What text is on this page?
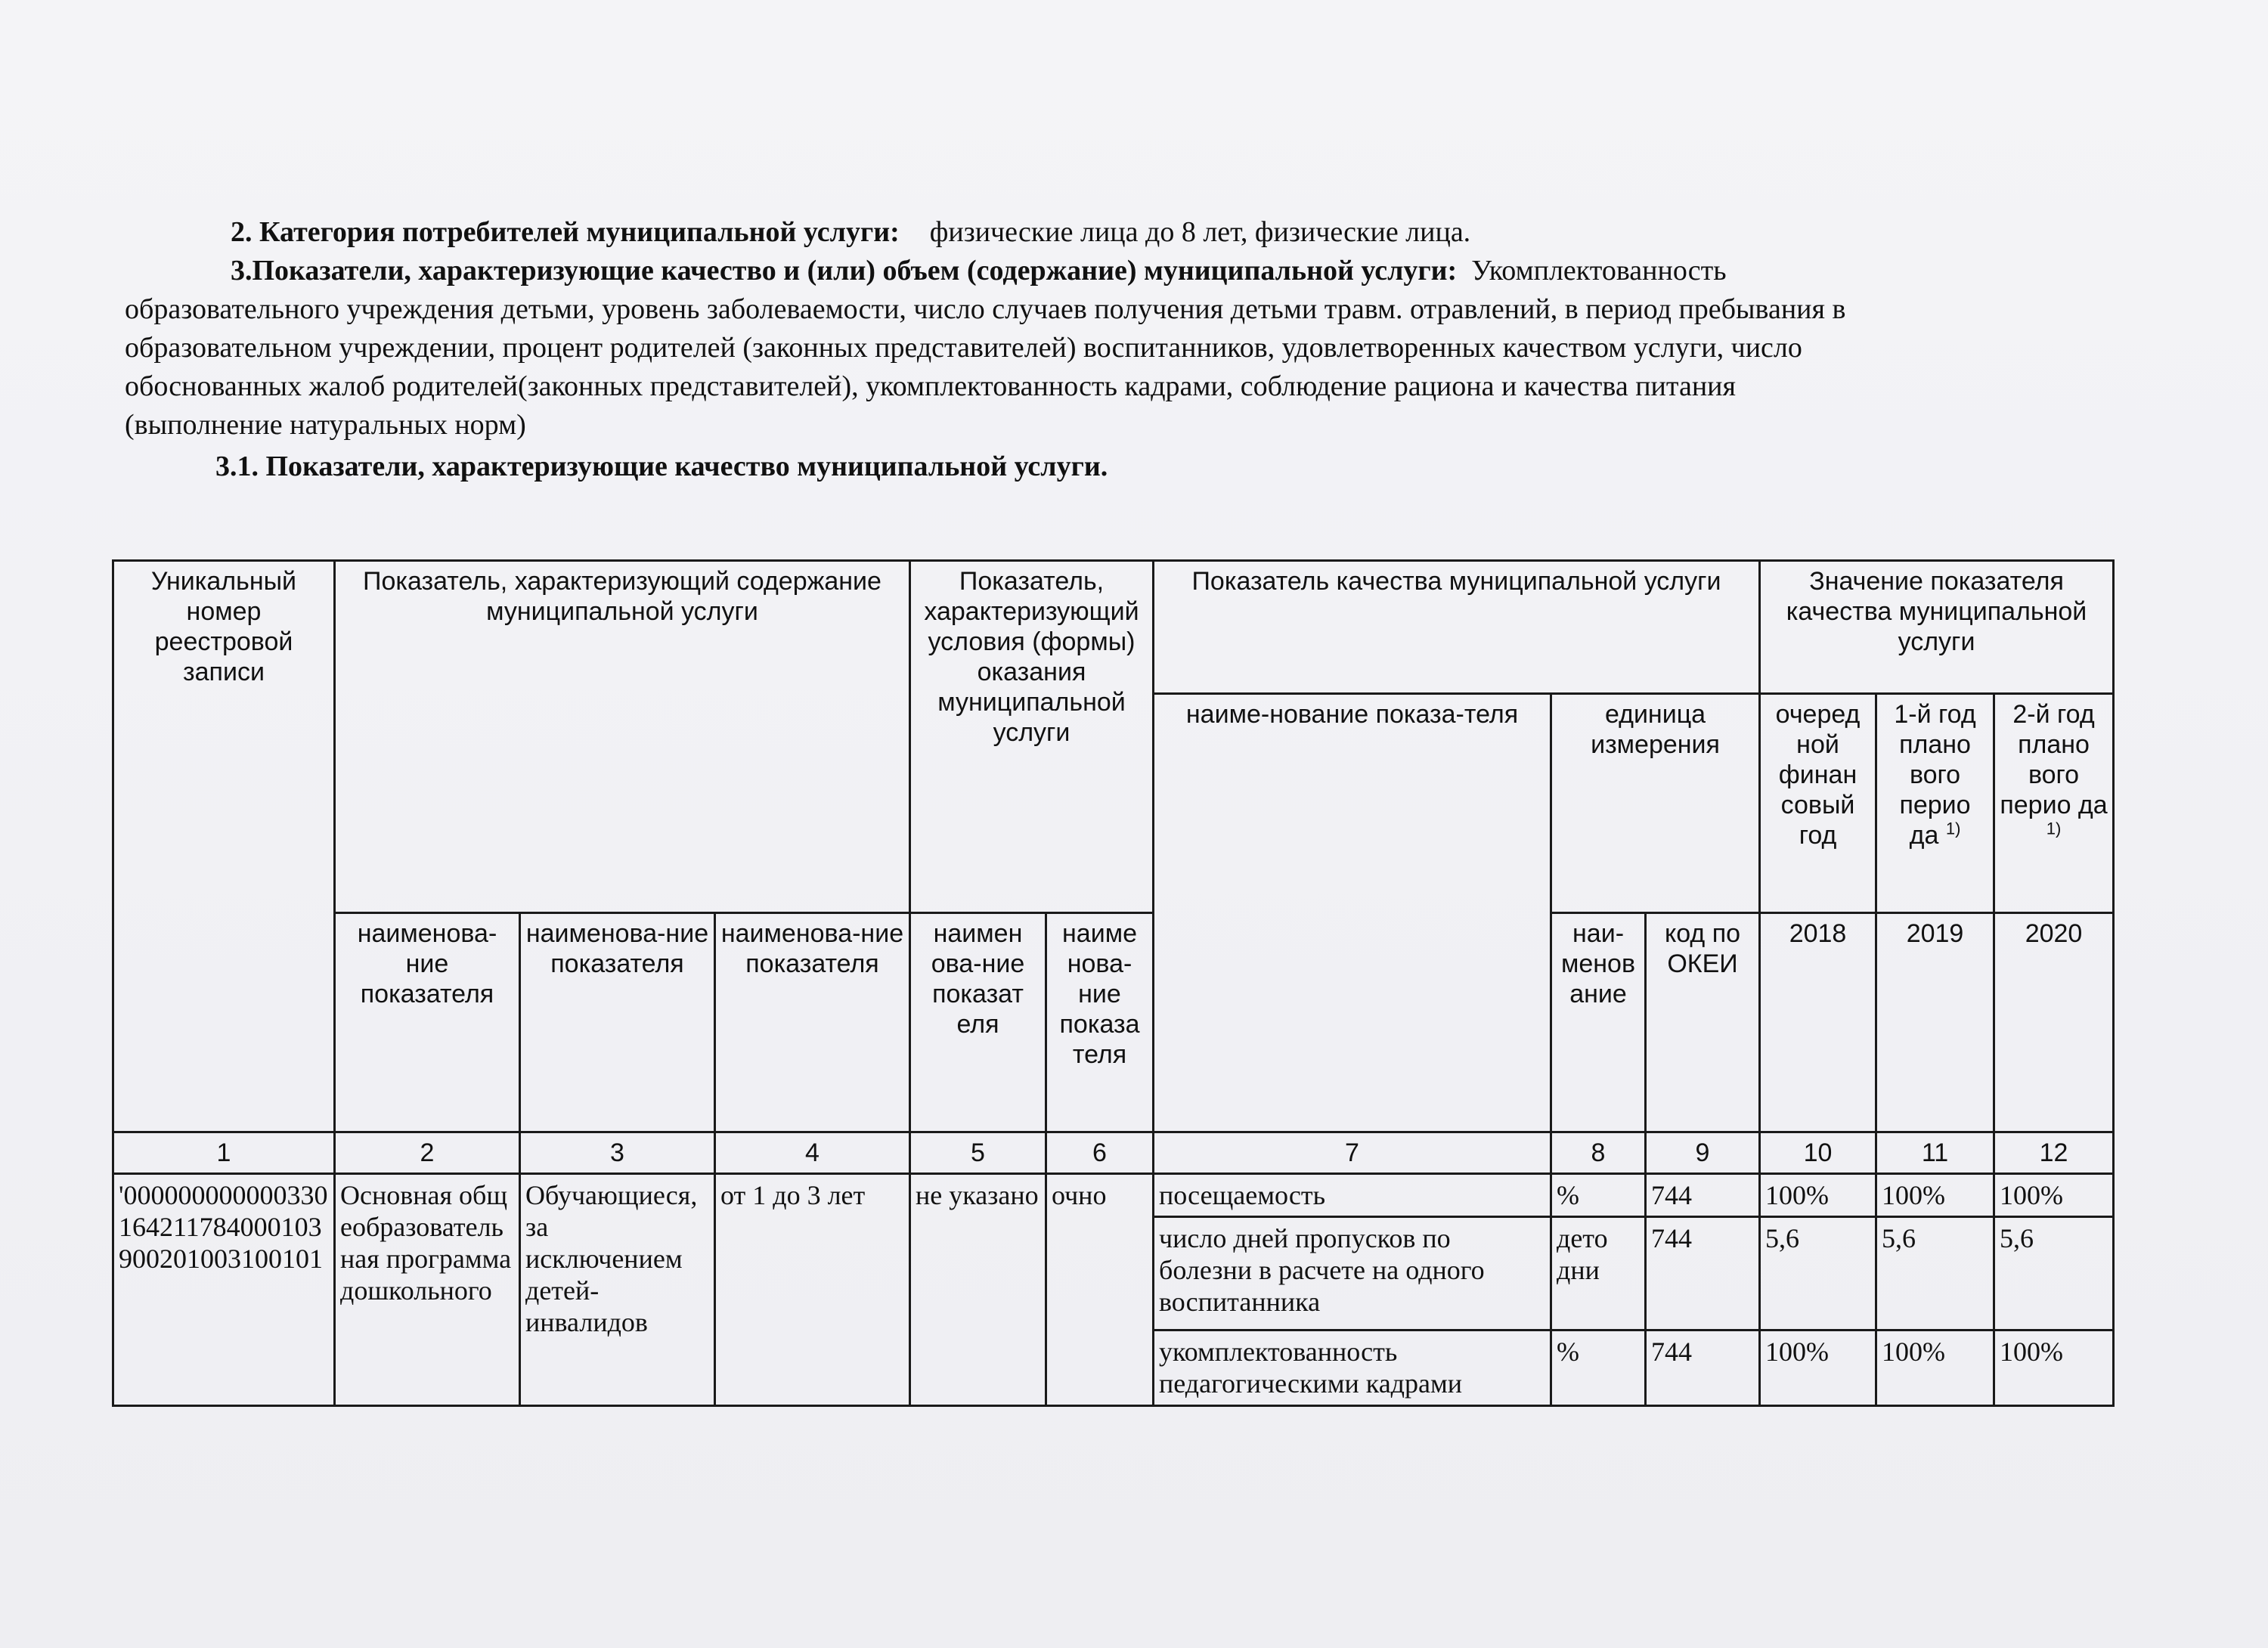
2. Категория потребителей муниципальной услуги: физические лица до 8 лет, физические лица.
3.Показатели, характеризующие качество и (или) объем (содержание) муниципальной услуги: Укомплектованность
образовательного учреждения детьми, уровень заболеваемости, число случаев получения детьми травм. отравлений, в период пребывания в
образовательном учреждении, процент родителей (законных представителей) воспитанников, удовлетворенных качеством услуги, число
обоснованных жалоб родителей(законных представителей), укомплектованность кадрами, соблюдение рациона и качества питания
(выполнение натуральных норм)
3.1. Показатели, характеризующие качество муниципальной услуги.
Уникальный номер реестровой записи	Показатель, характеризующий содержание муниципальной услуги			Показатель, характеризующий условия (формы) оказания муниципальной услуги		Показатель качества муниципальной услуги			Значение показателя качества муниципальной услуги		
						наиме-нование показа-теля	единица измерения		очеред ной финан совый год	1-й год плано вого перио да $^{1)}$	2-й год плано вого перио да $^{1)}$
	наименова-ние показателя	наименова-ние показателя	наименова-ние показателя	наимен ова-ние показат еля	наиме нова-ние показа теля		наи-менов ание	код по ОКЕИ	2018	2019	2020
1	2	3	4	5	6	7	8	9	10	11	12
'000000000000330164211784000103900201003100101	Основная общеобразовательная программа дошкольного	Обучающиеся, за исключением детей-инвалидов	от 1 до 3 лет	не указано	очно	посещаемость	%	744	100%	100%	100%
						число дней пропусков по болезни в расчете на одного воспитанника	дето дни	744	5,6	5,6	5,6
						укомплектованность педагогическими кадрами	%	744	100%	100%	100%
